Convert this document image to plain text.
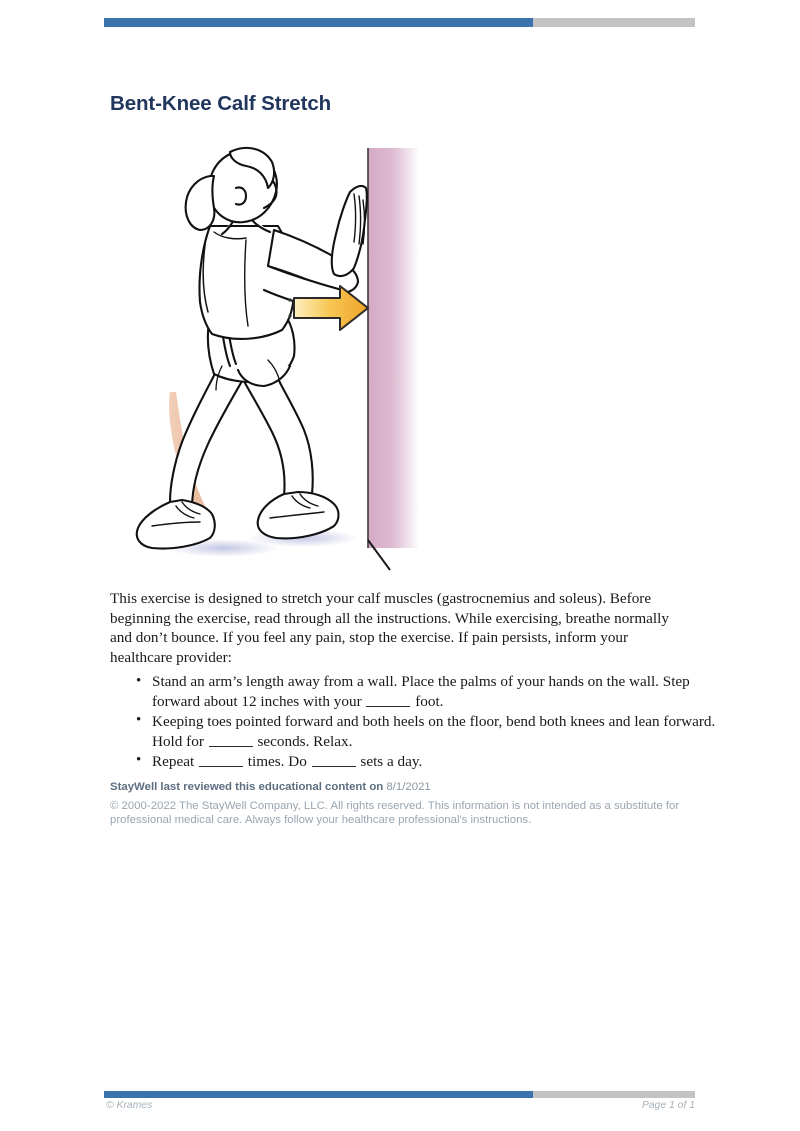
Bent-Knee Calf Stretch

This exercise is designed to stretch your calf muscles (gastrocnemius and soleus). Before beginning the exercise, read through all the instructions. While exercising, breathe normally and don’t bounce. If you feel any pain, stop the exercise. If pain persists, inform your healthcare provider:

• Stand an arm’s length away from a wall. Place the palms of your hands on the wall. Step forward about 12 inches with your	foot.
• Keeping toes pointed forward and both heels on the floor, bend both knees and lean forward. Hold for	seconds. Relax.
• Repeat	times. Do	sets a day.
StayWell last reviewed this educational content on 8/1/2021
© 2000-2022 The StayWell Company, LLC. All rights reserved. This information is not intended as a substitute for professional medical care. Always follow your healthcare professional's instructions.
© Krames	Page 1 of 1
